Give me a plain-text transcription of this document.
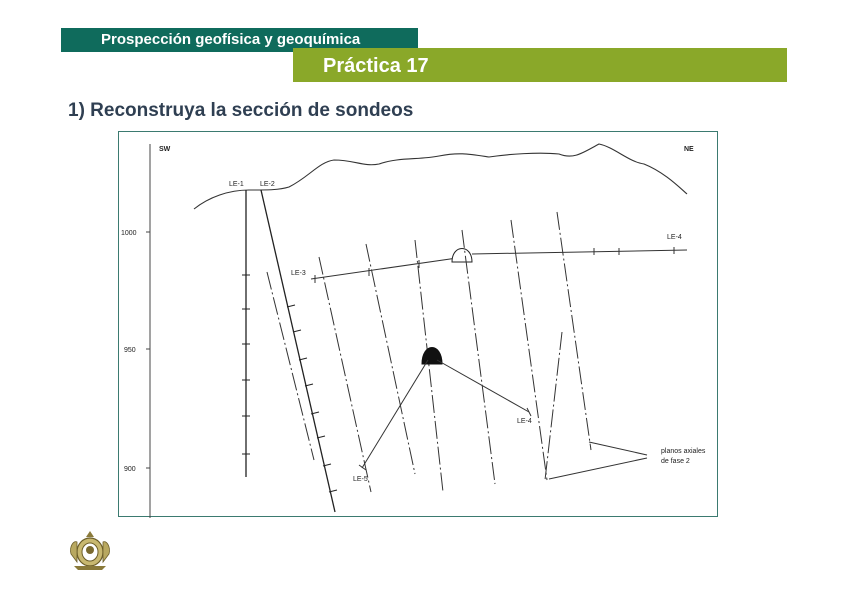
Prospección geofísica y geoquímica
Práctica 17
1) Reconstruya la sección de sondeos
1000
950
900
SW	NE
LE-1 LE-2
LE-3
LE-4
LE-5
LE-4
planos axiales
de fase 2
